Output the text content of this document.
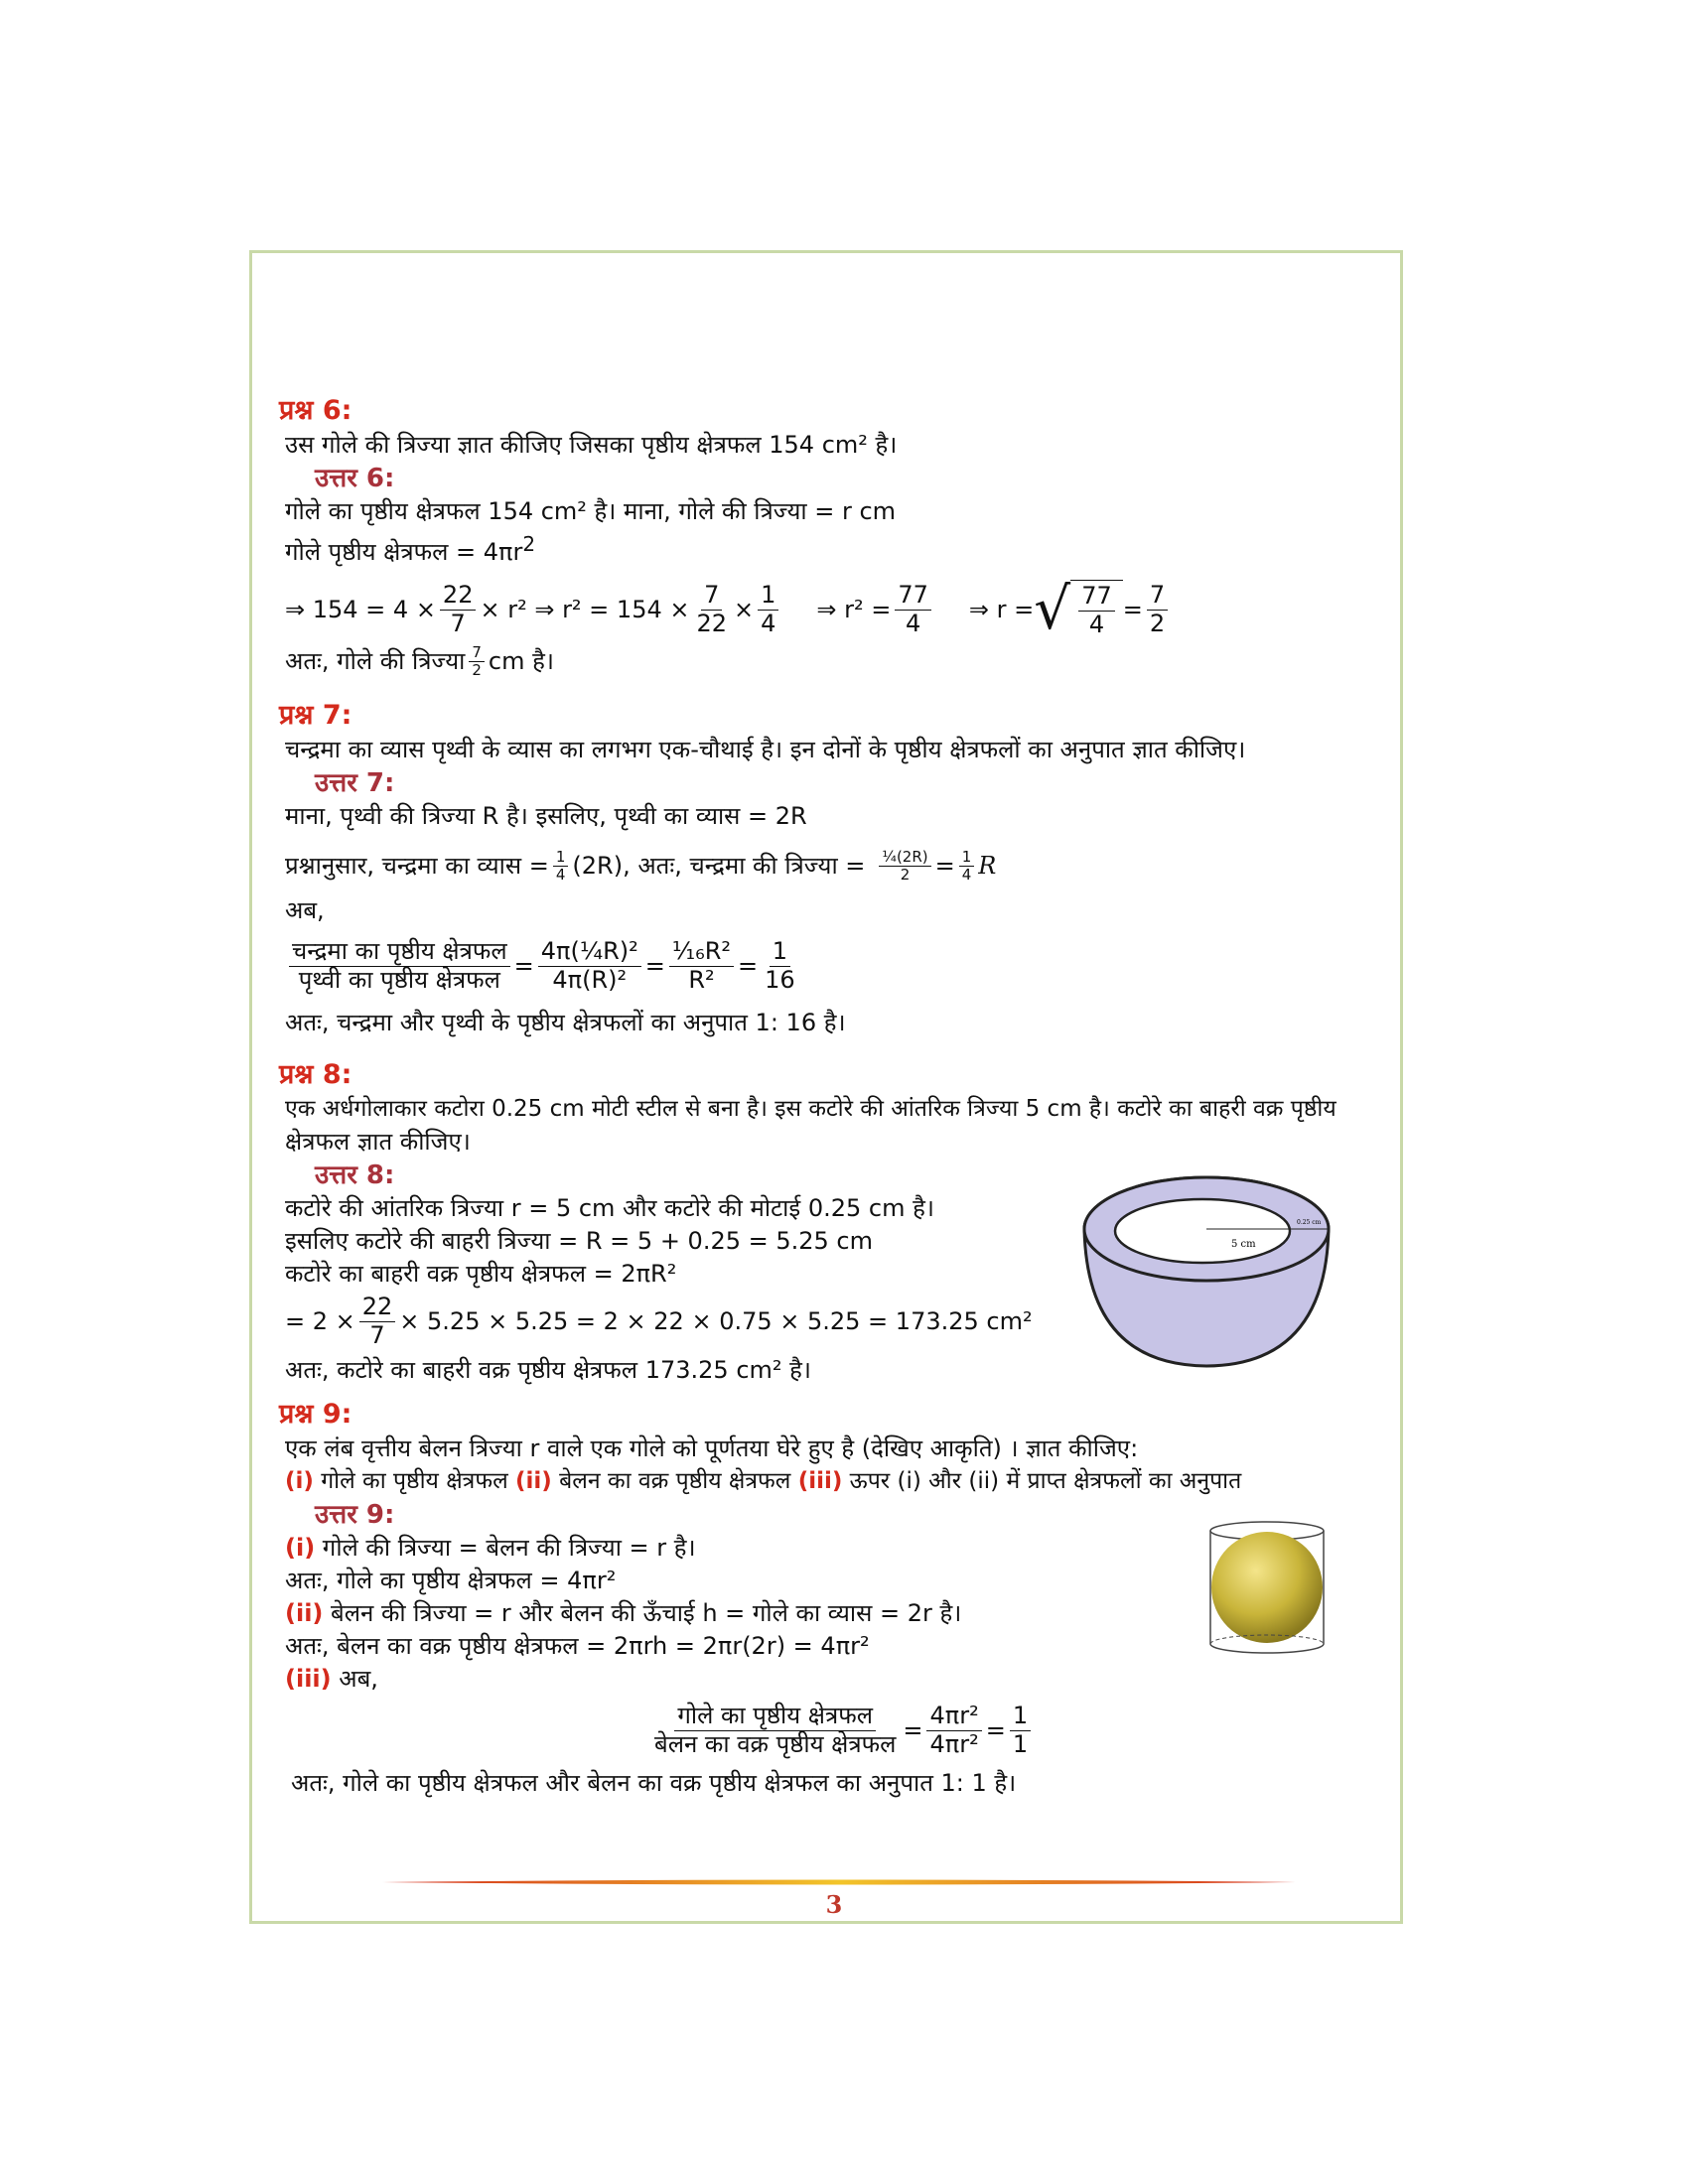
प्रश्न 6:
उस गोले की त्रिज्या ज्ञात कीजिए जिसका पृष्ठीय क्षेत्रफल 154 cm² है।
उत्तर 6:
गोले का पृष्ठीय क्षेत्रफल 154 cm² है। माना, गोले की त्रिज्या = r cm
गोले पृष्ठीय क्षेत्रफल = $4\pi r^2$
⇒ $154 = 4 \times \frac{22}{7} \times r^2$ ⇒ $r^2 = 154 \times \frac{7}{22} \times \frac{1}{4}$ ⇒ $r^2 = \frac{77}{4}$ ⇒ r = √ $\frac{77}{4} = \frac{7}{2}$
अतः, गोले की त्रिज्या $\frac{7}{2}$ cm है।
प्रश्न 7:
चन्द्रमा का व्यास पृथ्वी के व्यास का लगभग एक-चौथाई है। इन दोनों के पृष्ठीय क्षेत्रफलों का अनुपात ज्ञात कीजिए।
उत्तर 7:
माना, पृथ्वी की त्रिज्या R है। इसलिए, पृथ्वी का व्यास = 2R
प्रश्नानुसार, चन्द्रमा का व्यास = $\frac{1}{4} (2R)$, अतः, चन्द्रमा की त्रिज्या = $\frac{\text{¼(2R)}}{2} = \frac{1}{4}$ R
अब,
$\frac{\text{चन्द्रमा का पृष्ठीय क्षेत्रफल}}{\text{पृथ्वी का पृष्ठीय क्षेत्रफल}} = \frac{\text{4π(¼R)²}}{\text{4π(R)²}} = \frac{\text{¹⁄₁₆R²}}{\text{R²}} = \frac{1}{16}$
अतः, चन्द्रमा और पृथ्वी के पृष्ठीय क्षेत्रफलों का अनुपात 1: 16 है।
प्रश्न 8:
एक अर्धगोलाकार कटोरा 0.25 cm मोटी स्टील से बना है। इस कटोरे की आंतरिक त्रिज्या 5 cm है। कटोरे का बाहरी वक्र पृष्ठीय
क्षेत्रफल ज्ञात कीजिए।
उत्तर 8:
कटोरे की आंतरिक त्रिज्या r = 5 cm और कटोरे की मोटाई 0.25 cm है।
इसलिए कटोरे की बाहरी त्रिज्या = R = 5 + 0.25 = 5.25 cm
कटोरे का बाहरी वक्र पृष्ठीय क्षेत्रफल = 2πR²
= $2 \times \frac{22}{7} \times 5.25 \times 5.25 = 2 \times 22 \times 0.75 \times 5.25 = 173.25$ cm²
अतः, कटोरे का बाहरी वक्र पृष्ठीय क्षेत्रफल 173.25 cm² है।
प्रश्न 9:
एक लंब वृत्तीय बेलन त्रिज्या r वाले एक गोले को पूर्णतया घेरे हुए है (देखिए आकृति) । ज्ञात कीजिए:
(i) गोले का पृष्ठीय क्षेत्रफल (ii) बेलन का वक्र पृष्ठीय क्षेत्रफल (iii) ऊपर (i) और (ii) में प्राप्त क्षेत्रफलों का अनुपात
उत्तर 9:
(i) गोले की त्रिज्या = बेलन की त्रिज्या = r है।
अतः, गोले का पृष्ठीय क्षेत्रफल = 4πr²
(ii) बेलन की त्रिज्या = r और बेलन की ऊँचाई h = गोले का व्यास = 2r है।
अतः, बेलन का वक्र पृष्ठीय क्षेत्रफल = 2πrh = 2πr(2r) = 4πr²
(iii) अब,
$\frac{\text{गोले का पृष्ठीय क्षेत्रफल}}{\text{बेलन का वक्र पृष्ठीय क्षेत्रफल}} = \frac{\text{4πr²}}{\text{4πr²}} = \frac{1}{1}$
अतः, गोले का पृष्ठीय क्षेत्रफल और बेलन का वक्र पृष्ठीय क्षेत्रफल का अनुपात 1: 1 है।
5 cm
0.25 cm
3
